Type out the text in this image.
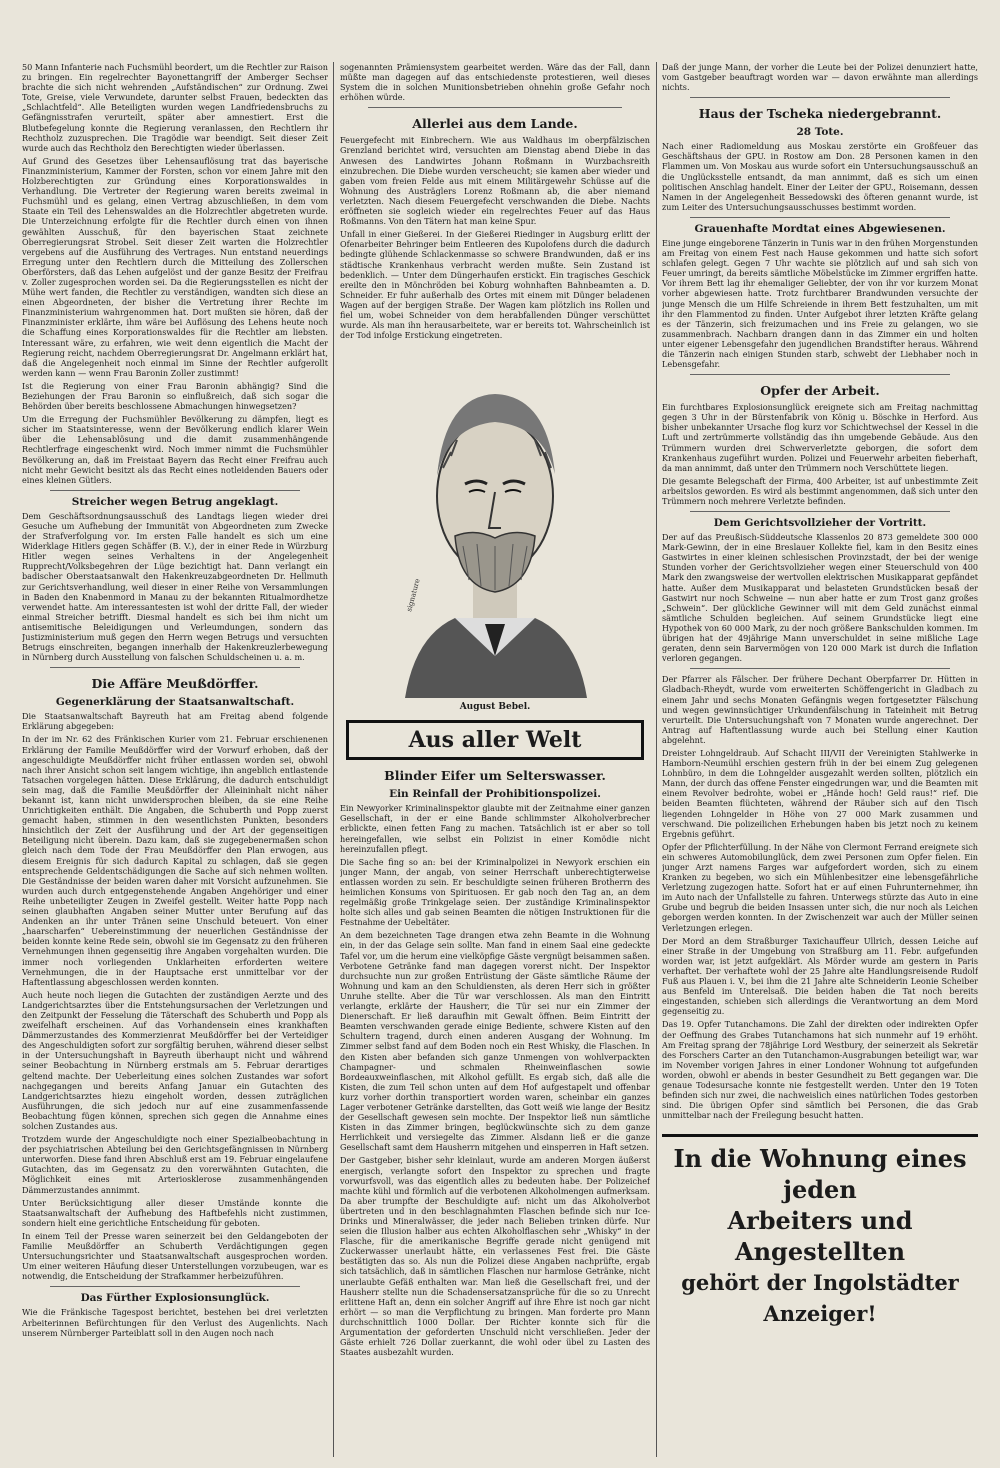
50 Mann Infanterie nach Fuchsmühl beordert, um die Rechtler zur Raison zu bringen. Ein regelrechter Bayonettangriff der Amberger Sechser brachte die sich nicht wehrenden „Aufständischen“ zur Ordnung. Zwei Tote, Greise, viele Verwundete, darunter selbst Frauen, bedeckten das „Schlachtfeld“. Alle Beteiligten wurden wegen Landfriedensbruchs zu Gefängnisstrafen verurteilt, später aber amnestiert. Erst die Blutbefegelung konnte die Regierung veranlassen, den Rechtlern ihr Rechtholz zuzusprechen. Die Tragödie war beendigt. Seit dieser Zeit wurde auch das Rechtholz den Berechtigten wieder überlassen.

Auf Grund des Gesetzes über Lehensauflösung trat das bayerische Finanzministerium, Kammer der Forsten, schon vor einem Jahre mit den Holzberechtigten zur Gründung eines Korporationswaldes in Verhandlung. Die Vertreter der Regierung waren bereits zweimal in Fuchsmühl und es gelang, einen Vertrag abzuschließen, in dem vom Staate ein Teil des Lehenswaldes an die Holzrechtler abgetreten wurde. Die Unterzeichnung erfolgte für die Rechtler durch einen von ihnen gewählten Ausschuß, für den bayerischen Staat zeichnete Oberregierungsrat Strobel. Seit dieser Zeit warten die Holzrechtler vergebens auf die Ausführung des Vertrages. Nun entstand neuerdings Erregung unter den Rechtlern durch die Mitteilung des Zollerschen Oberförsters, daß das Lehen aufgelöst und der ganze Besitz der Freifrau v. Zoller zugesprochen worden sei. Da die Regierungsstellen es nicht der Mühe wert fanden, die Rechtler zu verständigen, wandten sich diese an einen Abgeordneten, der bisher die Vertretung ihrer Rechte im Finanzministerium wahrgenommen hat. Dort mußten sie hören, daß der Finanzminister erklärte, ihm wäre bei Auflösung des Lehens heute noch die Schaffung eines Korporationswaldes für die Rechtler am liebsten. Interessant wäre, zu erfahren, wie weit denn eigentlich die Macht der Regierung reicht, nachdem Oberregierungsrat Dr. Angelmann erklärt hat, daß die Angelegenheit noch einmal im Sinne der Rechtler aufgerollt werden kann — wenn Frau Baronin Zoller zustimmt!

Ist die Regierung von einer Frau Baronin abhängig? Sind die Beziehungen der Frau Baronin so einflußreich, daß sich sogar die Behörden über bereits beschlossene Abmachungen hinwegsetzen?

Um die Erregung der Fuchsmühler Bevölkerung zu dämpfen, liegt es sicher im Staatsinteresse, wenn der Bevölkerung endlich klarer Wein über die Lehensablösung und die damit zusammenhängende Rechtlerfrage eingeschenkt wird. Noch immer nimmt die Fuchsmühler Bevölkerung an, daß im Freistaat Bayern das Recht einer Freifrau auch nicht mehr Gewicht besitzt als das Recht eines notleidenden Bauers oder eines kleinen Gütlers.

Streicher wegen Betrug angeklagt.

Dem Geschäftsordnungsausschuß des Landtags liegen wieder drei Gesuche um Aufhebung der Immunität von Abgeordneten zum Zwecke der Strafverfolgung vor. Im ersten Falle handelt es sich um eine Widerklage Hitlers gegen Schäffer (B. V.), der in einer Rede in Würzburg Hitler wegen seines Verhaltens in der Angelegenheit Rupprecht/Volksbegehren der Lüge bezichtigt hat. Dann verlangt ein badischer Oberstaatsanwalt den Hakenkreuzabgeordneten Dr. Hellmuth zur Gerichtsverhandlung, weil dieser in einer Reihe von Versammlungen in Baden den Knabenmord in Manau zu der bekannten Ritualmordhetze verwendet hatte. Am interessantesten ist wohl der dritte Fall, der wieder einmal Streicher betrifft. Diesmal handelt es sich bei ihm nicht um antisemitische Beleidigungen und Verleumdungen, sondern das Justizministerium muß gegen den Herrn wegen Betrugs und versuchten Betrugs einschreiten, begangen innerhalb der Hakenkreuzlerbewegung in Nürnberg durch Ausstellung von falschen Schuldscheinen u. a. m.

Die Affäre Meußdörffer.
Gegenerklärung der Staatsanwaltschaft.

Die Staatsanwaltschaft Bayreuth hat am Freitag abend folgende Erklärung abgegeben:

In der im Nr. 62 des Fränkischen Kurier vom 21. Februar erschienenen Erklärung der Familie Meußdörffer wird der Vorwurf erhoben, daß der angeschuldigte Meußdörffer nicht früher entlassen worden sei, obwohl nach ihrer Ansicht schon seit langem wichtige, ihn angeblich entlastende Tatsachen vorgelegen hätten. Diese Erklärung, die dadurch entschuldigt sein mag, daß die Familie Meußdörffer der Alleininhalt nicht näher bekannt ist, kann nicht unwidersprochen bleiben, da sie eine Reihe Unrichtigkeiten enthält. Die Angaben, die Schuberth und Popp zuerst gemacht haben, stimmen in den wesentlichsten Punkten, besonders hinsichtlich der Zeit der Ausführung und der Art der gegenseitigen Beteiligung nicht überein. Dazu kam, daß sie zugegebenermaßen schon gleich nach dem Tode der Frau Meußdörffer den Plan erwogen, aus diesem Ereignis für sich dadurch Kapital zu schlagen, daß sie gegen entsprechende Geldentschädigungen die Sache auf sich nehmen wollten. Die Geständnisse der beiden waren daher mit Vorsicht aufzunehmen. Sie wurden auch durch entgegenstehende Angaben Angehöriger und einer Reihe unbeteiligter Zeugen in Zweifel gestellt. Weiter hatte Popp nach seinen glaubhaften Angaben seiner Mutter unter Berufung auf das Andenken an ihr unter Tränen seine Unschuld beteuert. Von einer „haarscharfen“ Uebereinstimmung der neuerlichen Geständnisse der beiden konnte keine Rede sein, obwohl sie im Gegensatz zu den früheren Vernehmungen ihnen gegenseitig ihre Angaben vorgehalten wurden. Die immer noch vorliegenden Unklarheiten erforderten weitere Vernehmungen, die in der Hauptsache erst unmittelbar vor der Haftentlassung abgeschlossen werden konnten.

Auch heute noch liegen die Gutachten der zuständigen Aerzte und des Landgerichtsarztes über die Entstehungsursachen der Verletzungen und den Zeitpunkt der Fesselung die Täterschaft des Schuberth und Popp als zweifelhaft erscheinen. Auf das Vorhandensein eines krankhaften Dämmerzustandes des Kommerzienrat Meußdörffer bei der Verteidiger des Angeschuldigten sofort zur sorgfältig beruhen, während dieser selbst in der Untersuchungshaft in Bayreuth überhaupt nicht und während seiner Beobachtung in Nürnberg erstmals am 5. Februar derartiges geltend machte. Der Ueberleitung eines solchen Zustandes war sofort nachgegangen und bereits Anfang Januar ein Gutachten des Landgerichtsarztes hiezu eingeholt worden, dessen zuträglichen Ausführungen, die sich jedoch nur auf eine zusammenfassende Beobachtung fügen können, sprechen sich gegen die Annahme eines solchen Zustandes aus.

Trotzdem wurde der Angeschuldigte noch einer Spezialbeobachtung in der psychiatrischen Abteilung bei den Gerichtsgefängnissen in Nürnberg unterworfen. Diese fand ihren Abschluß erst am 19. Februar eingelaufene Gutachten, das im Gegensatz zu den vorerwähnten Gutachten, die Möglichkeit eines mit Arteriosklerose zusammenhängenden Dämmerzustandes annimmt.

Unter Berücksichtigung aller dieser Umstände konnte die Staatsanwaltschaft der Aufhebung des Haftbefehls nicht zustimmen, sondern hielt eine gerichtliche Entscheidung für geboten.

In einem Teil der Presse waren seinerzeit bei den Geldangeboten der Familie Meußdörffer an Schuberth Verdächtigungen gegen Untersuchungsrichter und Staatsanwaltschaft ausgesprochen worden. Um einer weiteren Häufung dieser Unterstellungen vorzubeugen, war es notwendig, die Entscheidung der Strafkammer herbeizuführen.

Das Fürther Explosionsunglück.

Wie die Fränkische Tagespost berichtet, bestehen bei drei verletzten Arbeiterinnen Befürchtungen für den Verlust des Augenlichts. Nach unserem Nürnberger Parteiblatt soll in den Augen noch nach

sogenannten Prämiensystem gearbeitet werden. Wäre das der Fall, dann müßte man dagegen auf das entschiedenste protestieren, weil dieses System die in solchen Munitionsbetrieben ohnehin große Gefahr noch erhöhen würde.

Allerlei aus dem Lande.

Feuergefecht mit Einbrechern. Wie aus Waldhaus im oberpfälzischen Grenzland berichtet wird, versuchten am Dienstag abend Diebe in das Anwesen des Landwirtes Johann Roßmann in Wurzbachsreith einzubrechen. Die Diebe wurden verscheucht; sie kamen aber wieder und gaben vom freien Felde aus mit einem Militärgewehr Schüsse auf die Wohnung des Austräglers Lorenz Roßmann ab, die aber niemand verletzten. Nach diesem Feuergefecht verschwanden die Diebe. Nachts eröffneten sie sogleich wieder ein regelrechtes Feuer auf das Haus Roßmanns. Von den Tätern hat man keine Spur.

Unfall in einer Gießerei. In der Gießerei Riedinger in Augsburg erlitt der Ofenarbeiter Behringer beim Entleeren des Kupolofens durch die dadurch bedingte glühende Schlackenmasse so schwere Brandwunden, daß er ins städtische Krankenhaus verbracht werden mußte. Sein Zustand ist bedenklich. — Unter dem Düngerhaufen erstickt. Ein tragisches Geschick ereilte den in Mönchröden bei Koburg wohnhaften Bahnbeamten a. D. Schneider. Er fuhr außerhalb des Ortes mit einem mit Dünger beladenen Wagen auf der bergigen Straße. Der Wagen kam plötzlich ins Rollen und fiel um, wobei Schneider von dem herabfallenden Dünger verschüttet wurde. Als man ihn herausarbeitete, war er bereits tot. Wahrscheinlich ist der Tod infolge Erstickung eingetreten.

signature
August Bebel.
Aus aller Welt
Blinder Eifer um Selterswasser.
Ein Reinfall der Prohibitionspolizei.

Ein Newyorker Kriminalinspektor glaubte mit der Zeitnahme einer ganzen Gesellschaft, in der er eine Bande schlimmster Alkoholverbrecher erblickte, einen fetten Fang zu machen. Tatsächlich ist er aber so toll hereingefallen, wie selbst ein Polizist in einer Komödie nicht hereinzufallen pflegt.

Die Sache fing so an: bei der Kriminalpolizei in Newyork erschien ein junger Mann, der angab, von seiner Herrschaft unberechtigterweise entlassen worden zu sein. Er beschuldigte seinen früheren Brotherrn des heimlichen Konsums von Spirituosen. Er gab noch den Tag an, an dem regelmäßig große Trinkgelage seien. Der zuständige Kriminalinspektor holte sich alles und gab seinen Beamten die nötigen Instruktionen für die Festnahme der Uebeltäter.

An dem bezeichneten Tage drangen etwa zehn Beamte in die Wohnung ein, in der das Gelage sein sollte. Man fand in einem Saal eine gedeckte Tafel vor, um die herum eine vielköpfige Gäste vergnügt beisammen saßen. Verbotene Getränke fand man dagegen vorerst nicht. Der Inspektor durchsuchte nun zur großen Entrüstung der Gäste sämtliche Räume der Wohnung und kam an den Schuldiensten, als deren Herr sich in größter Unruhe stellte. Aber die Tür war verschlossen. Als man den Eintritt verlangte, erklärte der Hausherr, die Tür sei nur ein Zimmer der Dienerschaft. Er ließ daraufhin mit Gewalt öffnen. Beim Eintritt der Beamten verschwanden gerade einige Bediente, schwere Kisten auf den Schultern tragend, durch einen anderen Ausgang der Wohnung. Im Zimmer selbst fand auf dem Boden noch ein Rest Whisky, die Flaschen. In den Kisten aber befanden sich ganze Unmengen von wohlverpackten Champagner- und schmalen Rheinweinflaschen sowie Bordeauxweinflaschen, mit Alkohol gefüllt. Es ergab sich, daß alle die Kisten, die zum Teil schon unten auf dem Hof aufgestapelt und offenbar kurz vorher dorthin transportiert worden waren, scheinbar ein ganzes Lager verbotener Getränke darstellten, das Gott weiß wie lange der Besitz der Gesellschaft gewesen sein mochte. Der Inspektor ließ nun sämtliche Kisten in das Zimmer bringen, beglückwünschte sich zu dem ganze Herrlichkeit und versiegelte das Zimmer. Alsdann ließ er die ganze Gesellschaft samt dem Hausherrn mitgehen und einsperren in Haft setzen.

Der Gastgeber, bisher sehr kleinlaut, wurde am anderen Morgen äußerst energisch, verlangte sofort den Inspektor zu sprechen und fragte vorwurfsvoll, was das eigentlich alles zu bedeuten habe. Der Polizeichef machte kühl und förmlich auf die verbotenen Alkoholmengen aufmerksam. Da aber trumpfte der Beschuldigte auf: nicht um das Alkoholverbot übertreten und in den beschlagnahmten Flaschen befinde sich nur Ice-Drinks und Mineralwässer, die jeder nach Belieben trinken dürfe. Nur seien die Illusion halber aus echten Alkoholflaschen sehr „Whisky“ in der Flasche, für die amerikanische Begriffe gerade nicht genügend mit Zuckerwasser unerlaubt hätte, ein verlassenes Fest frei. Die Gäste bestätigten das so. Als nun die Polizei diese Angaben nachprüfte, ergab sich tatsächlich, daß in sämtlichen Flaschen nur harmlose Getränke, nicht unerlaubte Gefäß enthalten war. Man ließ die Gesellschaft frei, und der Hausherr stellte nun die Schadensersatzansprüche für die so zu Unrecht erlittene Haft an, denn ein solcher Angriff auf ihre Ehre ist noch gar nicht erhört — so man die Verpflichtung zu bringen. Man forderte pro Mann durchschnittlich 1000 Dollar. Der Richter konnte sich für die Argumentation der geforderten Unschuld nicht verschließen. Jeder der Gäste erhielt 726 Dollar zuerkannt, die wohl oder übel zu Lasten des Staates ausbezahlt wurden.

Daß der junge Mann, der vorher die Leute bei der Polizei denunziert hatte, vom Gastgeber beauftragt worden war — davon erwähnte man allerdings nichts.

Haus der Tscheka niedergebrannt.
28 Tote.

Nach einer Radiomeldung aus Moskau zerstörte ein Großfeuer das Geschäftshaus der GPU. in Rostow am Don. 28 Personen kamen in den Flammen um. Von Moskau aus wurde sofort ein Untersuchungsausschuß an die Unglücksstelle entsandt, da man annimmt, daß es sich um einen politischen Anschlag handelt. Einer der Leiter der GPU., Roisemann, dessen Namen in der Angelegenheit Bessedowski des öfteren genannt wurde, ist zum Leiter des Untersuchungsausschusses bestimmt worden.

Grauenhafte Mordtat eines Abgewiesenen.

Eine junge eingeborene Tänzerin in Tunis war in den frühen Morgenstunden am Freitag von einem Fest nach Hause gekommen und hatte sich sofort schlafen gelegt. Gegen 7 Uhr wachte sie plötzlich auf und sah sich von Feuer umringt, da bereits sämtliche Möbelstücke im Zimmer ergriffen hatte. Vor ihrem Bett lag ihr ehemaliger Geliebter, der von ihr vor kurzem Monat vorher abgewiesen hatte. Trotz furchtbarer Brandwunden versuchte der junge Mensch die um Hilfe Schreiende in ihrem Bett festzuhalten, um mit ihr den Flammentod zu finden. Unter Aufgebot ihrer letzten Kräfte gelang es der Tänzerin, sich freizumachen und ins Freie zu gelangen, wo sie zusammenbrach. Nachbarn drangen dann in das Zimmer ein und holten unter eigener Lebensgefahr den jugendlichen Brandstifter heraus. Während die Tänzerin nach einigen Stunden starb, schwebt der Liebhaber noch in Lebensgefahr.

Opfer der Arbeit.

Ein furchtbares Explosionsunglück ereignete sich am Freitag nachmittag gegen 3 Uhr in der Bürstenfabrik von König u. Böschke in Herford. Aus bisher unbekannter Ursache flog kurz vor Schichtwechsel der Kessel in die Luft und zertrümmerte vollständig das ihn umgebende Gebäude. Aus den Trümmern wurden drei Schwerverletzte geborgen, die sofort dem Krankenhaus zugeführt wurden. Polizei und Feuerwehr arbeiten fieberhaft, da man annimmt, daß unter den Trümmern noch Verschüttete liegen.

Die gesamte Belegschaft der Firma, 400 Arbeiter, ist auf unbestimmte Zeit arbeitslos geworden. Es wird als bestimmt angenommen, daß sich unter den Trümmern noch mehrere Verletzte befinden.

Dem Gerichtsvollzieher der Vortritt.

Der auf das Preußisch-Süddeutsche Klassenlos 20 873 gemeldete 300 000 Mark-Gewinn, der in eine Breslauer Kollekte fiel, kam in den Besitz eines Gastwirtes in einer kleinen schlesischen Provinzstadt, der bei der wenige Stunden vorher der Gerichtsvollzieher wegen einer Steuerschuld von 400 Mark den zwangsweise der wertvollen elektrischen Musikapparat gepfändet hatte. Außer dem Musikapparat und belasteten Grundstücken besaß der Gastwirt nur noch Schweine — nun aber hatte er zum Trost ganz großes „Schwein“. Der glückliche Gewinner will mit dem Geld zunächst einmal sämtliche Schulden begleichen. Auf seinem Grundstücke liegt eine Hypothek von 60 000 Mark, zu der noch größere Bankschulden kommen. Im übrigen hat der 49jährige Mann unverschuldet in seine mißliche Lage geraten, denn sein Barvermögen von 120 000 Mark ist durch die Inflation verloren gegangen.

Der Pfarrer als Fälscher. Der frühere Dechant Oberpfarrer Dr. Hütten in Gladbach-Rheydt, wurde vom erweiterten Schöffengericht in Gladbach zu einem Jahr und sechs Monaten Gefängnis wegen fortgesetzter Fälschung und wegen gewinnsüchtiger Urkundenfälschung in Tateinheit mit Betrug verurteilt. Die Untersuchungshaft von 7 Monaten wurde angerechnet. Der Antrag auf Haftentlassung wurde auch bei Stellung einer Kaution abgelehnt.

Dreister Lohngeldraub. Auf Schacht III/VII der Vereinigten Stahlwerke in Hamborn-Neumühl erschien gestern früh in der bei einem Zug gelegenen Lohnbüro, in dem die Lohngelder ausgezahlt werden sollten, plötzlich ein Mann, der durch das offene Fenster eingedrungen war, und die Beamten mit einem Revolver bedrohte, wobei er „Hände hoch! Geld raus!“ rief. Die beiden Beamten flüchteten, während der Räuber sich auf den Tisch liegenden Lohngelder in Höhe von 27 000 Mark zusammen und verschwand. Die polizeilichen Erhebungen haben bis jetzt noch zu keinem Ergebnis geführt.

Opfer der Pflichterfüllung. In der Nähe von Clermont Ferrand ereignete sich ein schweres Automobilunglück, dem zwei Personen zum Opfer fielen. Ein junger Arzt namens Farges war aufgefordert worden, sich zu einem Kranken zu begeben, wo sich ein Mühlenbesitzer eine lebensgefährliche Verletzung zugezogen hatte. Sofort hat er auf einen Fuhrunternehmer, ihn im Auto nach der Unfallstelle zu fahren. Unterwegs stürzte das Auto in eine Grube und begrub die beiden Insassen unter sich, die nur noch als Leichen geborgen werden konnten. In der Zwischenzeit war auch der Müller seinen Verletzungen erlegen.

Der Mord an dem Straßburger Taxichauffeur Ullrich, dessen Leiche auf einer Straße in der Umgebung von Straßburg am 11. Febr. aufgefunden worden war, ist jetzt aufgeklärt. Als Mörder wurde am gestern in Paris verhaftet. Der verhaftete wohl der 25 Jahre alte Handlungsreisende Rudolf Fuß aus Plauen i. V., bei ihm die 21 Jahre alte Schneiderin Leonie Scheiber aus Benfeld im Unterelsaß. Die beiden haben die Tat noch bereits eingestanden, schieben sich allerdings die Verantwortung an dem Mord gegenseitig zu.

Das 19. Opfer Tutanchamons. Die Zahl der direkten oder indirekten Opfer der Oeffnung des Grabes Tutanchamons hat sich nunmehr auf 19 erhöht. Am Freitag sprang der 78jährige Lord Westbury, der seinerzeit als Sekretär des Forschers Carter an den Tutanchamon-Ausgrabungen beteiligt war, war im November vorigen Jahres in einer Londoner Wohnung tot aufgefunden worden, obwohl er abends in bester Gesundheit zu Bett gegangen war. Die genaue Todesursache konnte nie festgestellt werden. Unter den 19 Toten befinden sich nur zwei, die nachweislich eines natürlichen Todes gestorben sind. Die übrigen Opfer sind sämtlich bei Personen, die das Grab unmittelbar nach der Freilegung besucht hatten.

In die Wohnung eines jeden
Arbeiters und Angestellten
gehört der Ingolstädter Anzeiger!
